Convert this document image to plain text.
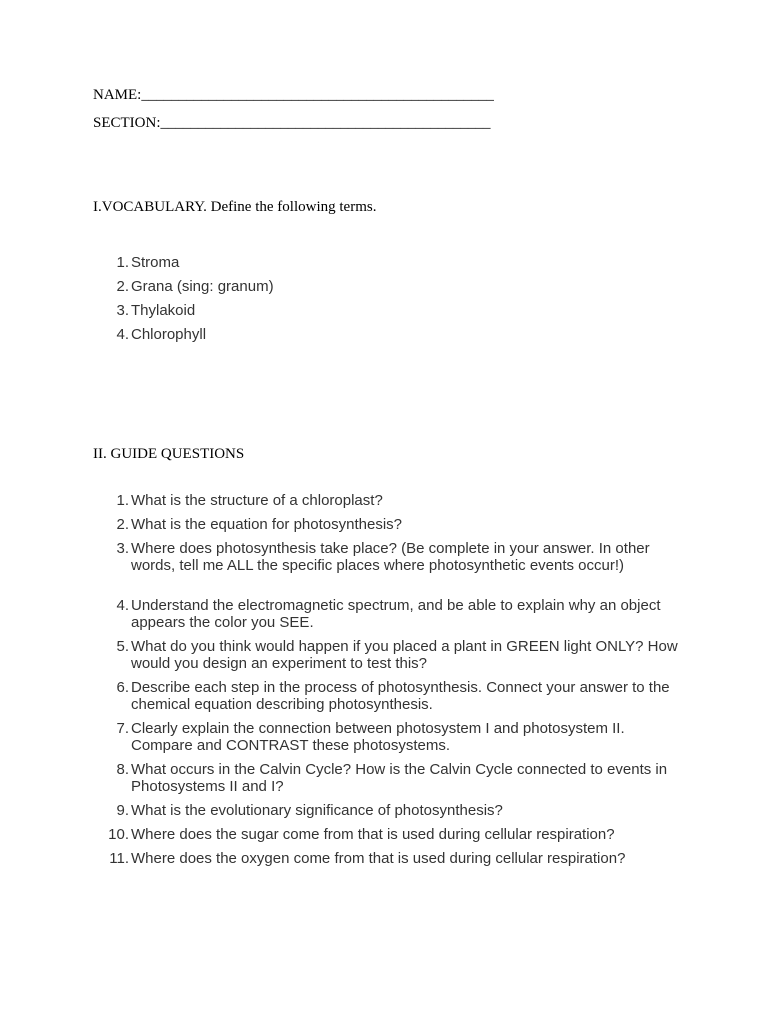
NAME:_______________________________________________
SECTION:____________________________________________
I.VOCABULARY. Define the following terms.
1. Stroma
2. Grana (sing: granum)
3. Thylakoid
4. Chlorophyll
II. GUIDE QUESTIONS
1. What is the structure of a chloroplast?
2. What is the equation for photosynthesis?
3. Where does photosynthesis take place? (Be complete in your answer. In other words, tell me ALL the specific places where photosynthetic events occur!)
4. Understand the electromagnetic spectrum, and be able to explain why an object appears the color you SEE.
5. What do you think would happen if you placed a plant in GREEN light ONLY? How would you design an experiment to test this?
6. Describe each step in the process of photosynthesis. Connect your answer to the chemical equation describing photosynthesis.
7. Clearly explain the connection between photosystem I and photosystem II. Compare and CONTRAST these photosystems.
8. What occurs in the Calvin Cycle? How is the Calvin Cycle connected to events in Photosystems II and I?
9. What is the evolutionary significance of photosynthesis?
10. Where does the sugar come from that is used during cellular respiration?
11. Where does the oxygen come from that is used during cellular respiration?
